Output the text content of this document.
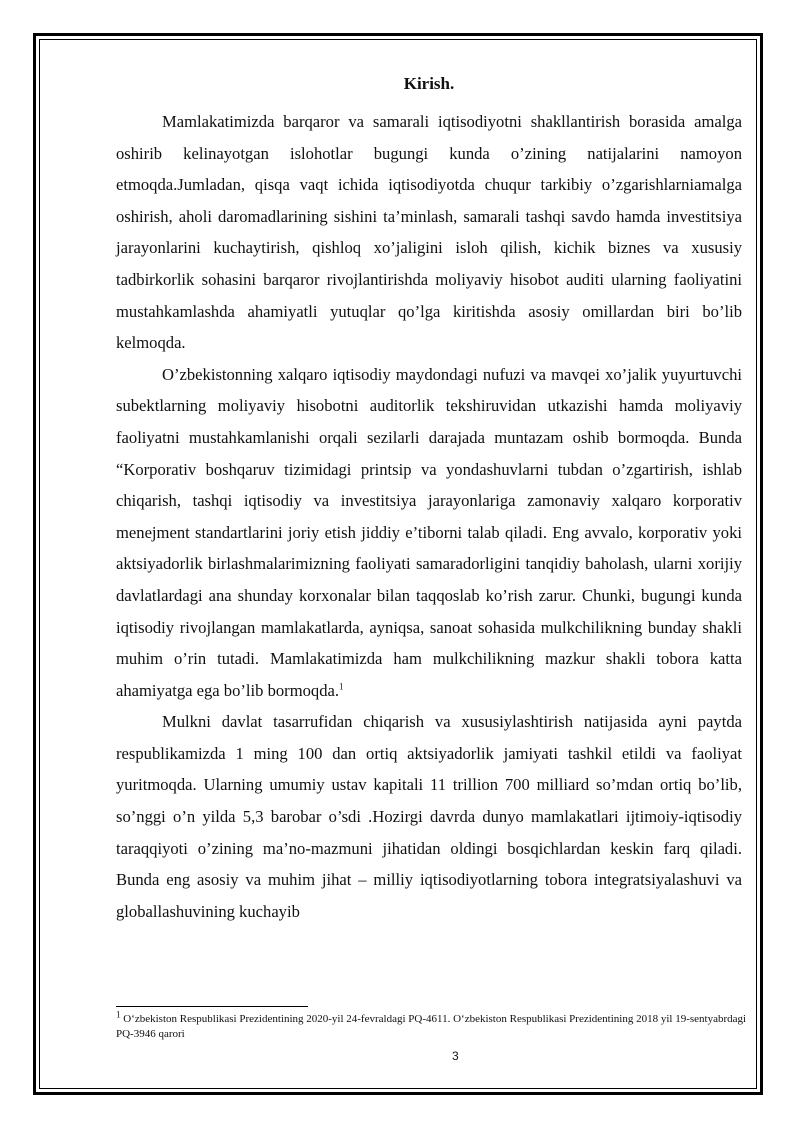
Kirish.

Mamlakatimizda barqaror va samarali iqtisodiyotni shakllantirish borasida amalga oshirib kelinayotgan islohotlar bugungi kunda o’zining natijalarini namoyon etmoqda.Jumladan, qisqa vaqt ichida iqtisodiyotda chuqur tarkibiy o’zgarishlarniamalga oshirish, aholi daromadlarining sishini ta’minlash, samarali tashqi savdo hamda investitsiya jarayonlarini kuchaytirish, qishloq xo’jaligini isloh qilish, kichik biznes va xususiy tadbirkorlik sohasini barqaror rivojlantirishda moliyaviy hisobot auditi ularning faoliyatini mustahkamlashda ahamiyatli yutuqlar qo’lga kiritishda asosiy omillardan biri bo’lib kelmoqda.

O’zbekistonning xalqaro iqtisodiy maydondagi nufuzi va mavqei xo’jalik yuyurtuvchi subektlarning moliyaviy hisobotni auditorlik tekshiruvidan utkazishi hamda moliyaviy faoliyatni mustahkamlanishi orqali sezilarli darajada muntazam oshib bormoqda. Bunda “Korporativ boshqaruv tizimidagi printsip va yondashuvlarni tubdan o’zgartirish, ishlab chiqarish, tashqi iqtisodiy va investitsiya jarayonlariga zamonaviy xalqaro korporativ menejment standartlarini joriy etish jiddiy e’tiborni talab qiladi. Eng avvalo, korporativ yoki aktsiyadorlik birlashmalarimizning faoliyati samaradorligini tanqidiy baholash, ularni xorijiy davlatlardagi ana shunday korxonalar bilan taqqoslab ko’rish zarur. Chunki, bugungi kunda iqtisodiy rivojlangan mamlakatlarda, ayniqsa, sanoat sohasida mulkchilikning bunday shakli muhim o’rin tutadi. Mamlakatimizda ham mulkchilikning mazkur shakli tobora katta ahamiyatga ega bo’lib bormoqda.$^1$

Mulkni davlat tasarrufidan chiqarish va xususiylashtirish natijasida ayni paytda respublikamizda 1 ming 100 dan ortiq aktsiyadorlik jamiyati tashkil etildi va faoliyat yuritmoqda. Ularning umumiy ustav kapitali 11 trillion 700 milliard so’mdan ortiq bo’lib, so’nggi o’n yilda 5,3 barobar o’sdi .Hozirgi davrda dunyo mamlakatlari ijtimoiy-iqtisodiy taraqqiyoti o’zining ma’no-mazmuni jihatidan oldingi bosqichlardan keskin farq qiladi. Bunda eng asosiy va muhim jihat – milliy iqtisodiyotlarning tobora integratsiyalashuvi va globallashuvining kuchayib

$^1$ O‘zbekiston Respublikasi Prezidentining 2020-yil 24-fevraldagi PQ-4611. O‘zbekiston Respublikasi Prezidentining 2018 yil 19-sentyabrdagi PQ-3946 qarori
3
